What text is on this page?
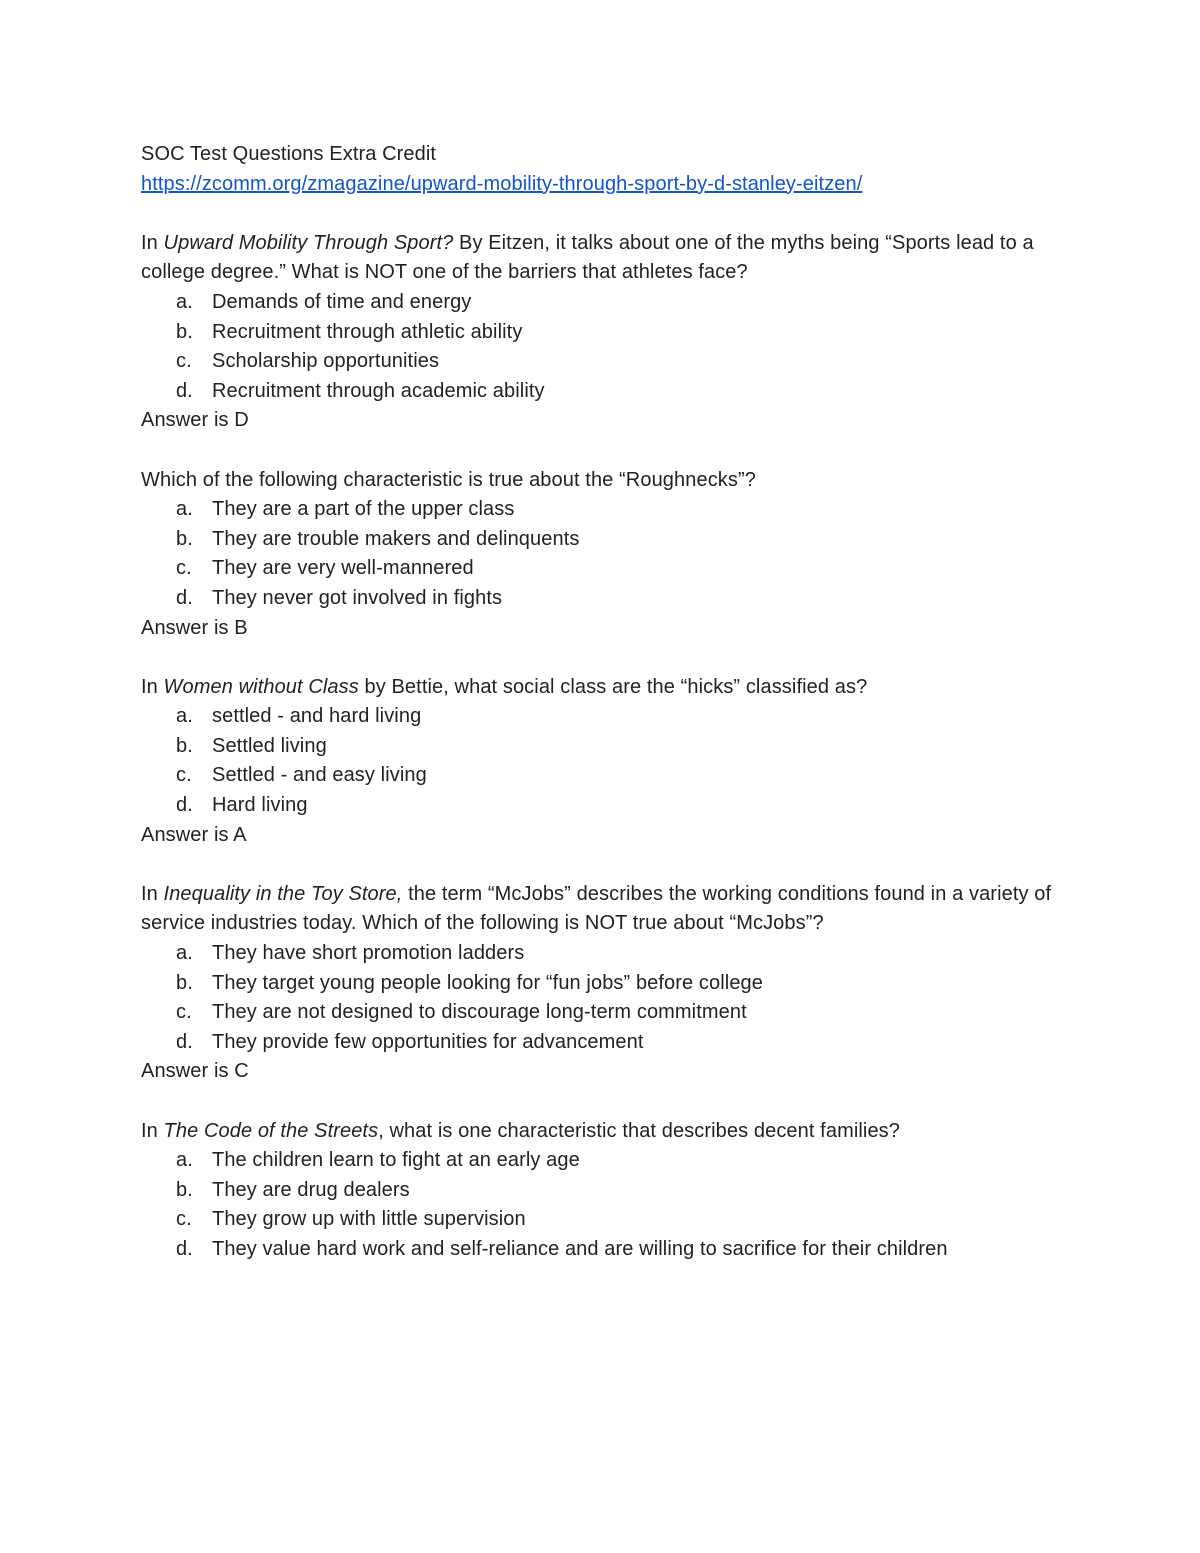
SOC Test Questions Extra Credit

https://zcomm.org/zmagazine/upward-mobility-through-sport-by-d-stanley-eitzen/

In Upward Mobility Through Sport? By Eitzen, it talks about one of the myths being “Sports lead to a college degree.” What is NOT one of the barriers that athletes face?

a. Demands of time and energy
b. Recruitment through athletic ability
c. Scholarship opportunities
d. Recruitment through academic ability

Answer is D

Which of the following characteristic is true about the “Roughnecks”?

a. They are a part of the upper class
b. They are trouble makers and delinquents
c. They are very well-mannered
d. They never got involved in fights

Answer is B

In Women without Class by Bettie, what social class are the “hicks” classified as?

a. settled - and hard living
b. Settled living
c. Settled - and easy living
d. Hard living

Answer is A

In Inequality in the Toy Store, the term “McJobs” describes the working conditions found in a variety of service industries today. Which of the following is NOT true about “McJobs”?

a. They have short promotion ladders
b. They target young people looking for “fun jobs” before college
c. They are not designed to discourage long-term commitment
d. They provide few opportunities for advancement

Answer is C

In The Code of the Streets, what is one characteristic that describes decent families?

a. The children learn to fight at an early age
b. They are drug dealers
c. They grow up with little supervision
d. They value hard work and self-reliance and are willing to sacrifice for their children
